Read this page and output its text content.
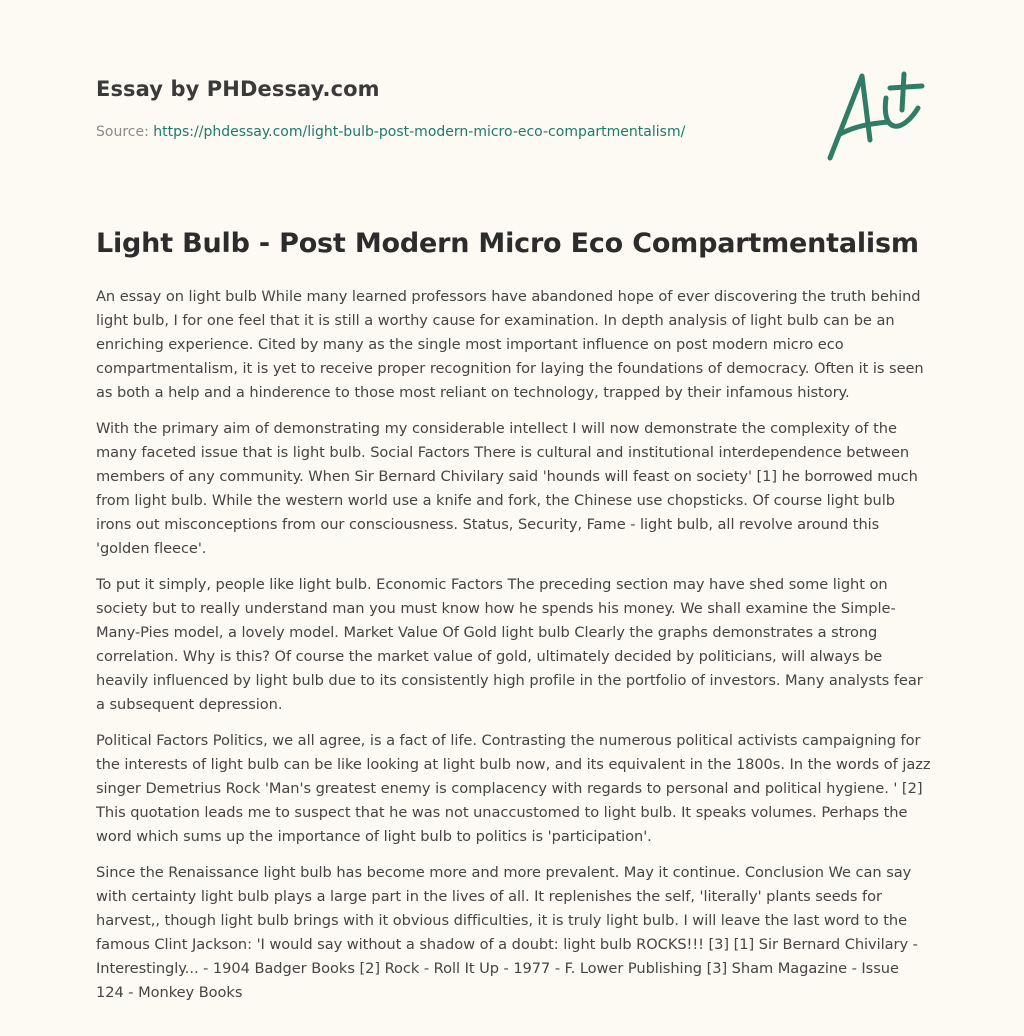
Essay by PHDessay.com
Source: https://phdessay.com/light-bulb-post-modern-micro-eco-compartmentalism/
Light Bulb - Post Modern Micro Eco Compartmentalism

An essay on light bulb While many learned professors have abandoned hope of ever discovering the truth behind light bulb, I for one feel that it is still a worthy cause for examination. In depth analysis of light bulb can be an enriching experience. Cited by many as the single most important influence on post modern micro eco compartmentalism, it is yet to receive proper recognition for laying the foundations of democracy. Often it is seen as both a help and a hinderence to those most reliant on technology, trapped by their infamous history.

With the primary aim of demonstrating my considerable intellect I will now demonstrate the complexity of the many faceted issue that is light bulb. Social Factors There is cultural and institutional interdependence between members of any community. When Sir Bernard Chivilary said 'hounds will feast on society' [1] he borrowed much from light bulb. While the western world use a knife and fork, the Chinese use chopsticks. Of course light bulb irons out misconceptions from our consciousness. Status, Security, Fame - light bulb, all revolve around this 'golden fleece'.

To put it simply, people like light bulb. Economic Factors The preceding section may have shed some light on society but to really understand man you must know how he spends his money. We shall examine the Simple-Many-Pies model, a lovely model. Market Value Of Gold light bulb Clearly the graphs demonstrates a strong correlation. Why is this? Of course the market value of gold, ultimately decided by politicians, will always be heavily influenced by light bulb due to its consistently high profile in the portfolio of investors. Many analysts fear a subsequent depression.

Political Factors Politics, we all agree, is a fact of life. Contrasting the numerous political activists campaigning for the interests of light bulb can be like looking at light bulb now, and its equivalent in the 1800s. In the words of jazz singer Demetrius Rock 'Man's greatest enemy is complacency with regards to personal and political hygiene. ' [2] This quotation leads me to suspect that he was not unaccustomed to light bulb. It speaks volumes. Perhaps the word which sums up the importance of light bulb to politics is 'participation'.

Since the Renaissance light bulb has become more and more prevalent. May it continue. Conclusion We can say with certainty light bulb plays a large part in the lives of all. It replenishes the self, 'literally' plants seeds for harvest,, though light bulb brings with it obvious difficulties, it is truly light bulb. I will leave the last word to the famous Clint Jackson: 'I would say without a shadow of a doubt: light bulb ROCKS!!! [3] [1] Sir Bernard Chivilary - Interestingly... - 1904 Badger Books [2] Rock - Roll It Up - 1977 - F. Lower Publishing [3] Sham Magazine - Issue 124 - Monkey Books
